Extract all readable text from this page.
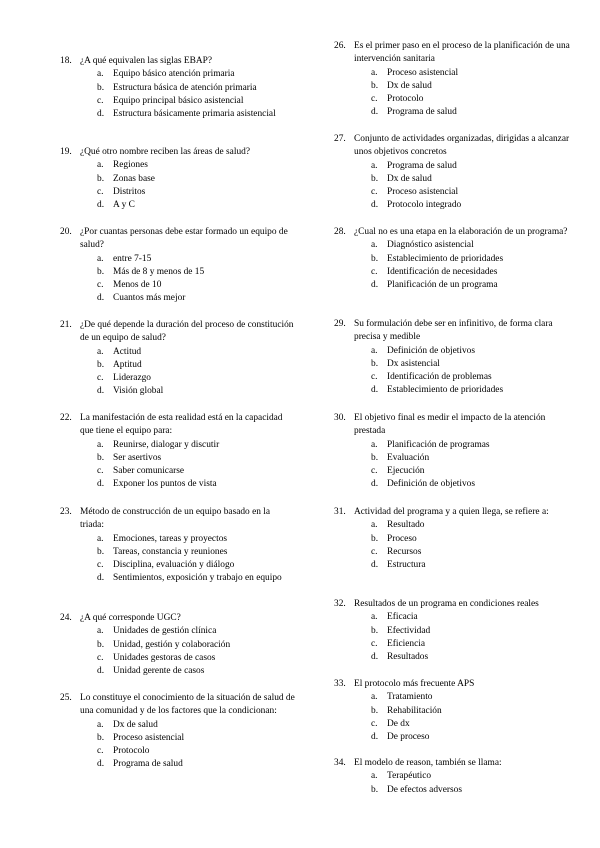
18. ¿A qué equivalen las siglas EBAP?
a. Equipo básico atención primaria
b. Estructura básica de atención primaria
c. Equipo principal básico asistencial
d. Estructura básicamente primaria asistencial
19. ¿Qué otro nombre reciben las áreas de salud?
a. Regiones
b. Zonas base
c. Distritos
d. A y C
20. ¿Por cuantas personas debe estar formado un equipo de salud?
a. entre 7-15
b. Más de 8 y menos de 15
c. Menos de 10
d. Cuantos más mejor
21. ¿De qué depende la duración del proceso de constitución de un equipo de salud?
a. Actitud
b. Aptitud
c. Liderazgo
d. Visión global
22. La manifestación de esta realidad está en la capacidad que tiene el equipo para:
a. Reunirse, dialogar y discutir
b. Ser asertivos
c. Saber comunicarse
d. Exponer los puntos de vista
23. Método de construcción de un equipo basado en la triada:
a. Emociones, tareas y proyectos
b. Tareas, constancia y reuniones
c. Disciplina, evaluación y diálogo
d. Sentimientos, exposición y trabajo en equipo
24. ¿A qué corresponde UGC?
a. Unidades de gestión clínica
b. Unidad, gestión y colaboración
c. Unidades gestoras de casos
d. Unidad gerente de casos
25. Lo constituye el conocimiento de la situación de salud de una comunidad y de los factores que la condicionan:
a. Dx de salud
b. Proceso asistencial
c. Protocolo
d. Programa de salud
26. Es el primer paso en el proceso de la planificación de una intervención sanitaria
a. Proceso asistencial
b. Dx de salud
c. Protocolo
d. Programa de salud
27. Conjunto de actividades organizadas, dirigidas a alcanzar unos objetivos concretos
a. Programa de salud
b. Dx de salud
c. Proceso asistencial
d. Protocolo integrado
28. ¿Cual no es una etapa en la elaboración de un programa?
a. Diagnóstico asistencial
b. Establecimiento de prioridades
c. Identificación de necesidades
d. Planificación de un programa
29. Su formulación debe ser en infinitivo, de forma clara precisa y medible
a. Definición de objetivos
b. Dx asistencial
c. Identificación de problemas
d. Establecimiento de prioridades
30. El objetivo final es medir el impacto de la atención prestada
a. Planificación de programas
b. Evaluación
c. Ejecución
d. Definición de objetivos
31. Actividad del programa y a quien llega, se refiere a:
a. Resultado
b. Proceso
c. Recursos
d. Estructura
32. Resultados de un programa en condiciones reales
a. Eficacia
b. Efectividad
c. Eficiencia
d. Resultados
33. El protocolo más frecuente APS
a. Tratamiento
b. Rehabilitación
c. De dx
d. De proceso
34. El modelo de reason, también se llama:
a. Terapéutico
b. De efectos adversos
